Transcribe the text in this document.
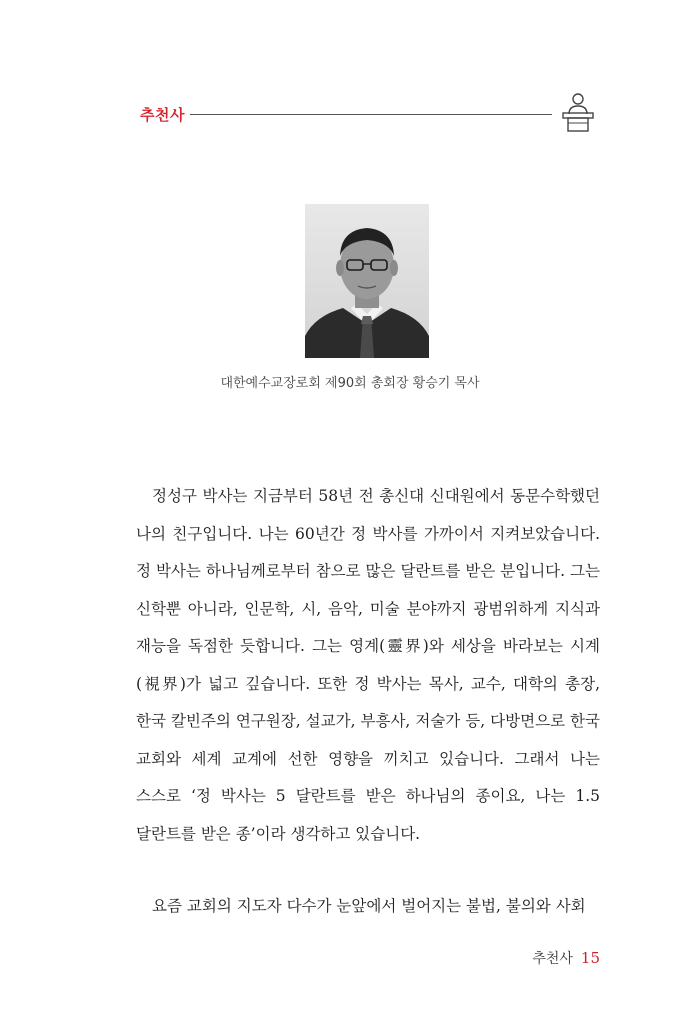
추천사
대한예수교장로회 제90회 총회장 황승기 목사

정성구 박사는 지금부터 58년 전 총신대 신대원에서 동문수학했던 나의 친구입니다. 나는 60년간 정 박사를 가까이서 지켜보았습니다. 정 박사는 하나님께로부터 참으로 많은 달란트를 받은 분입니다. 그는 신학뿐 아니라, 인문학, 시, 음악, 미술 분야까지 광범위하게 지식과 재능을 독점한 듯합니다. 그는 영계(靈界)와 세상을 바라보는 시계(視界)가 넓고 깊습니다. 또한 정 박사는 목사, 교수, 대학의 총장, 한국 칼빈주의 연구원장, 설교가, 부흥사, 저술가 등, 다방면으로 한국 교회와 세계 교계에 선한 영향을 끼치고 있습니다. 그래서 나는 스스로 ‘정 박사는 5 달란트를 받은 하나님의 종이요, 나는 1.5 달란트를 받은 종’이라 생각하고 있습니다.

요즘 교회의 지도자 다수가 눈앞에서 벌어지는 불법, 불의와 사회

추천사 15
